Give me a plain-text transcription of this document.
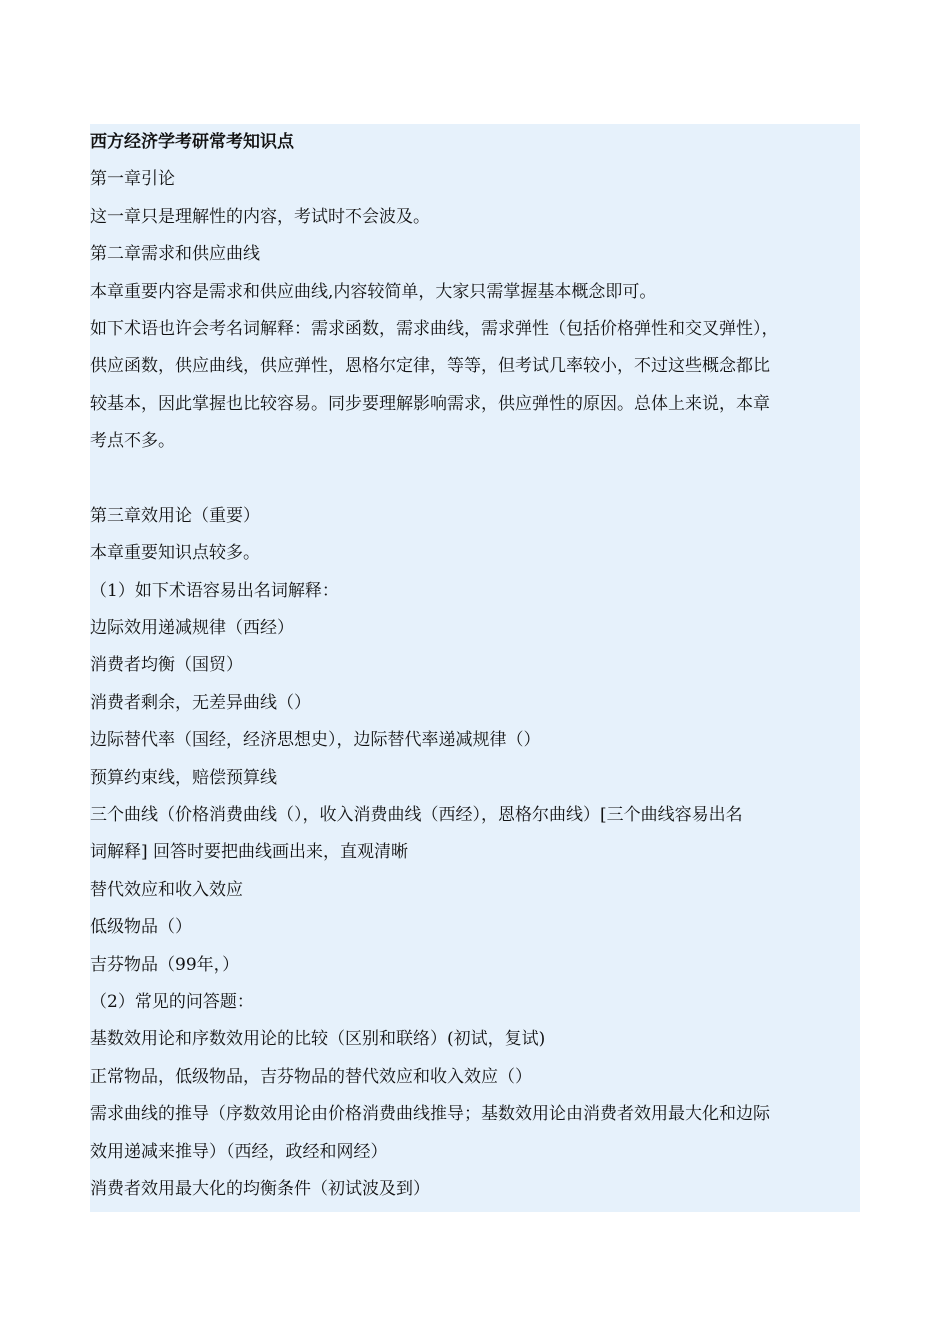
西方经济学考研常考知识点
第一章引论
这一章只是理解性的内容，考试时不会波及。
第二章需求和供应曲线
本章重要内容是需求和供应曲线,内容较简单，大家只需掌握基本概念即可。
如下术语也许会考名词解释：需求函数，需求曲线，需求弹性（包括价格弹性和交叉弹性），
供应函数，供应曲线，供应弹性，恩格尔定律，等等，但考试几率较小，不过这些概念都比
较基本，因此掌握也比较容易。同步要理解影响需求，供应弹性的原因。总体上来说，本章
考点不多。
第三章效用论（重要）
本章重要知识点较多。
（1）如下术语容易出名词解释：
边际效用递减规律（西经）
消费者均衡（国贸）
消费者剩余，无差异曲线（）
边际替代率（国经，经济思想史），边际替代率递减规律（）
预算约束线，赔偿预算线
三个曲线（价格消费曲线（），收入消费曲线（西经），恩格尔曲线）[三个曲线容易出名
词解释] 回答时要把曲线画出来，直观清晰
替代效应和收入效应
低级物品（）
吉芬物品（99年，）
（2）常见的问答题：
基数效用论和序数效用论的比较（区别和联络）(初试，复试)
正常物品，低级物品，吉芬物品的替代效应和收入效应（）
需求曲线的推导（序数效用论由价格消费曲线推导；基数效用论由消费者效用最大化和边际
效用递减来推导）（西经，政经和网经）
消费者效用最大化的均衡条件（初试波及到）
